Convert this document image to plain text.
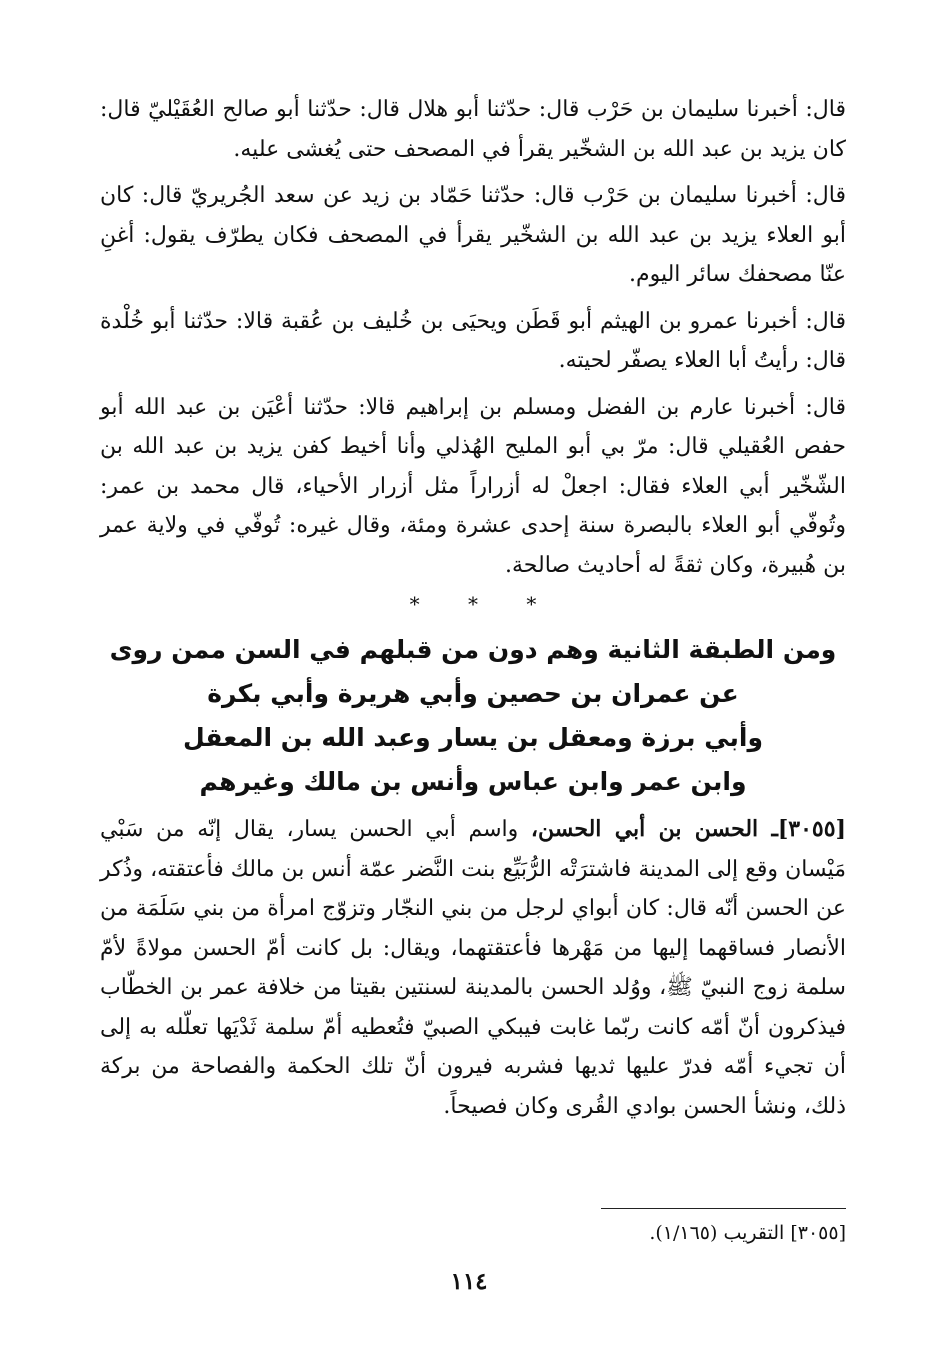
قال: أخبرنا سليمان بن حَرْب قال: حدّثنا أبو هلال قال: حدّثنا أبو صالح العُقَيْليّ قال: كان يزيد بن عبد الله بن الشخّير يقرأ في المصحف حتى يُغشى عليه.

قال: أخبرنا سليمان بن حَرْب قال: حدّثنا حَمّاد بن زيد عن سعد الجُريريّ قال: كان أبو العلاء يزيد بن عبد الله بن الشخّير يقرأ في المصحف فكان يطرّف يقول: أغنِ عنّا مصحفك سائر اليوم.

قال: أخبرنا عمرو بن الهيثم أبو قَطَن ويحيَى بن خُليف بن عُقبة قالا: حدّثنا أبو خُلْدة قال: رأيتُ أبا العلاء يصفّر لحيته.

قال: أخبرنا عارم بن الفضل ومسلم بن إبراهيم قالا: حدّثنا أعْيَن بن عبد الله أبو حفص العُقيلي قال: مرّ بي أبو المليح الهُذلي وأنا أخيط كفن يزيد بن عبد الله بن الشّخّير أبي العلاء فقال: اجعلْ له أزراراً مثل أزرار الأحياء، قال محمد بن عمر: وتُوفّي أبو العلاء بالبصرة سنة إحدى عشرة ومئة، وقال غيره: تُوفّي في ولاية عمر بن هُبيرة، وكان ثقةً له أحاديث صالحة.

* * *
ومن الطبقة الثانية وهم دون من قبلهم في السن ممن روى
عن عمران بن حصين وأبي هريرة وأبي بكرة
وأبي برزة ومعقل بن يسار وعبد الله بن المعقل
وابن عمر وابن عباس وأنس بن مالك وغيرهم

[٣٠٥٥]ـ الحسن بن أبي الحسن، واسم أبي الحسن يسار، يقال إنّه من سَبْي مَيْسان وقع إلى المدينة فاشترَتْه الرُّبَيِّع بنت النَّضر عمّة أنس بن مالك فأعتقته، وذُكر عن الحسن أنّه قال: كان أبواي لرجل من بني النجّار وتزوّج امرأة من بني سَلَمَة من الأنصار فساقهما إليها من مَهْرها فأعتقتهما، ويقال: بل كانت أمّ الحسن مولاةً لأمّ سلمة زوج النبيّ ﷺ، ووُلد الحسن بالمدينة لسنتين بقيتا من خلافة عمر بن الخطّاب فيذكرون أنّ أمّه كانت ربّما غابت فيبكي الصبيّ فتُعطيه أمّ سلمة ثَدْيَها تعلّله به إلى أن تجيء أمّه فدرّ عليها ثديها فشربه فيرون أنّ تلك الحكمة والفصاحة من بركة ذلك، ونشأ الحسن بوادي القُرى وكان فصيحاً.

[٣٠٥٥] التقريب (١/١٦٥).
١١٤
